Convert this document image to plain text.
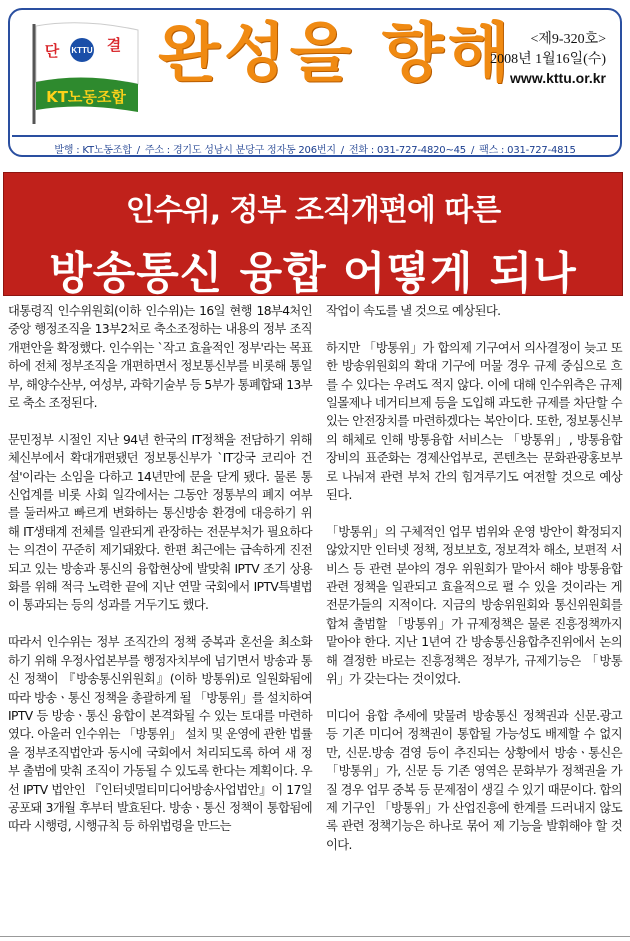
KTTU
단	결
KT노동조합
완성을 향해	<제9-320호>
2008년 1월16일(수)
www.kttu.or.kr
발행 : KT노동조합 / 주소 : 경기도 성남시 분당구 정자동 206번지 / 전화 : 031-727-4820~45 / 팩스 : 031-727-4815
인수위, 정부 조직개편에 따른
방송통신 융합 어떻게 되나

대통령직 인수위원회(이하 인수위)는 16일 현행 18부4처인 중앙 행정조직을 13부2처로 축소조정하는 내용의 정부 조직개편안을 확정했다. 인수위는 `작고 효율적인 정부'라는 목표하에 전체 정부조직을 개편하면서 정보통신부를 비롯해 통일부, 해양수산부, 여성부, 과학기술부 등 5부가 통폐합돼 13부로 축소 조정된다.

문민정부 시절인 지난 94년 한국의 IT정책을 전담하기 위해 체신부에서 확대개편됐던 정보통신부가 `IT강국 코리아 건설'이라는 소임을 다하고 14년만에 문을 닫게 됐다. 물론 통신업계를 비롯 사회 일각에서는 그동안 정통부의 폐지 여부를 둘러싸고 빠르게 변화하는 통신방송 환경에 대응하기 위해 IT생태계 전체를 일관되게 관장하는 전문부처가 필요하다는 의견이 꾸준히 제기돼왔다. 한편 최근에는 급속하게 진전되고 있는 방송과 통신의 융합현상에 발맞춰 IPTV 조기 상용화를 위해 적극 노력한 끝에 지난 연말 국회에서 IPTV특별법이 통과되는 등의 성과를 거두기도 했다.

따라서 인수위는 정부 조직간의 정책 중복과 혼선을 최소화하기 위해 우정사업본부를 행정자치부에 넘기면서 방송과 통신 정책이 『방송통신위원회』(이하 방통위)로 일원화됨에 따라 방송ㆍ통신 정책을 총괄하게 될 「방통위」를 설치하여 IPTV 등 방송ㆍ통신 융합이 본격화될 수 있는 토대를 마련하였다. 아울러 인수위는 「방통위」 설치 및 운영에 관한 법률을 정부조직법안과 동시에 국회에서 처리되도록 하여 새 정부 출범에 맞춰 조직이 가동될 수 있도록 한다는 계획이다. 우선 IPTV 법안인 『인터넷멀티미디어방송사업법안』이 17일 공포돼 3개월 후부터 발효된다. 방송ㆍ통신 정책이 통합됨에 따라 시행령, 시행규칙 등 하위법령을 만드는

작업이 속도를 낼 것으로 예상된다.

하지만 「방통위」가 합의제 기구여서 의사결정이 늦고 또한 방송위원회의 확대 기구에 머물 경우 규제 중심으로 흐를 수 있다는 우려도 적지 않다. 이에 대해 인수위측은 규제 일몰제나 네거티브제 등을 도입해 과도한 규제를 차단할 수 있는 안전장치를 마련하겠다는 복안이다. 또한, 정보통신부의 해체로 인해 방통융합 서비스는 「방통위」, 방통융합 장비의 표준화는 경제산업부로, 콘텐츠는 문화관광홍보부로 나눠져 관련 부처 간의 힘겨루기도 여전할 것으로 예상된다.

「방통위」의 구체적인 업무 범위와 운영 방안이 확정되지 않았지만 인터넷 정책, 정보보호, 정보격차 해소, 보편적 서비스 등 관련 분야의 경우 위원회가 맡아서 해야 방통융합 관련 정책을 일관되고 효율적으로 펼 수 있을 것이라는 게 전문가들의 지적이다. 지금의 방송위원회와 통신위원회를 합쳐 출범할 「방통위」가 규제정책은 물론 진흥정책까지 맡아야 한다. 지난 1년여 간 방송통신융합추진위에서 논의해 결정한 바로는 진흥정책은 정부가, 규제기능은 「방통위」가 갖는다는 것이었다.

미디어 융합 추세에 맞물려 방송통신 정책권과 신문.광고 등 기존 미디어 정책권이 통합될 가능성도 배제할 수 없지만, 신문.방송 겸영 등이 추진되는 상황에서 방송ㆍ통신은 「방통위」가, 신문 등 기존 영역은 문화부가 정책권을 가질 경우 업무 중복 등 문제점이 생길 수 있기 때문이다. 합의제 기구인 「방통위」가 산업진흥에 한계를 드러내지 않도록 관련 정책기능은 하나로 묶어 제 기능을 발휘해야 할 것이다.
